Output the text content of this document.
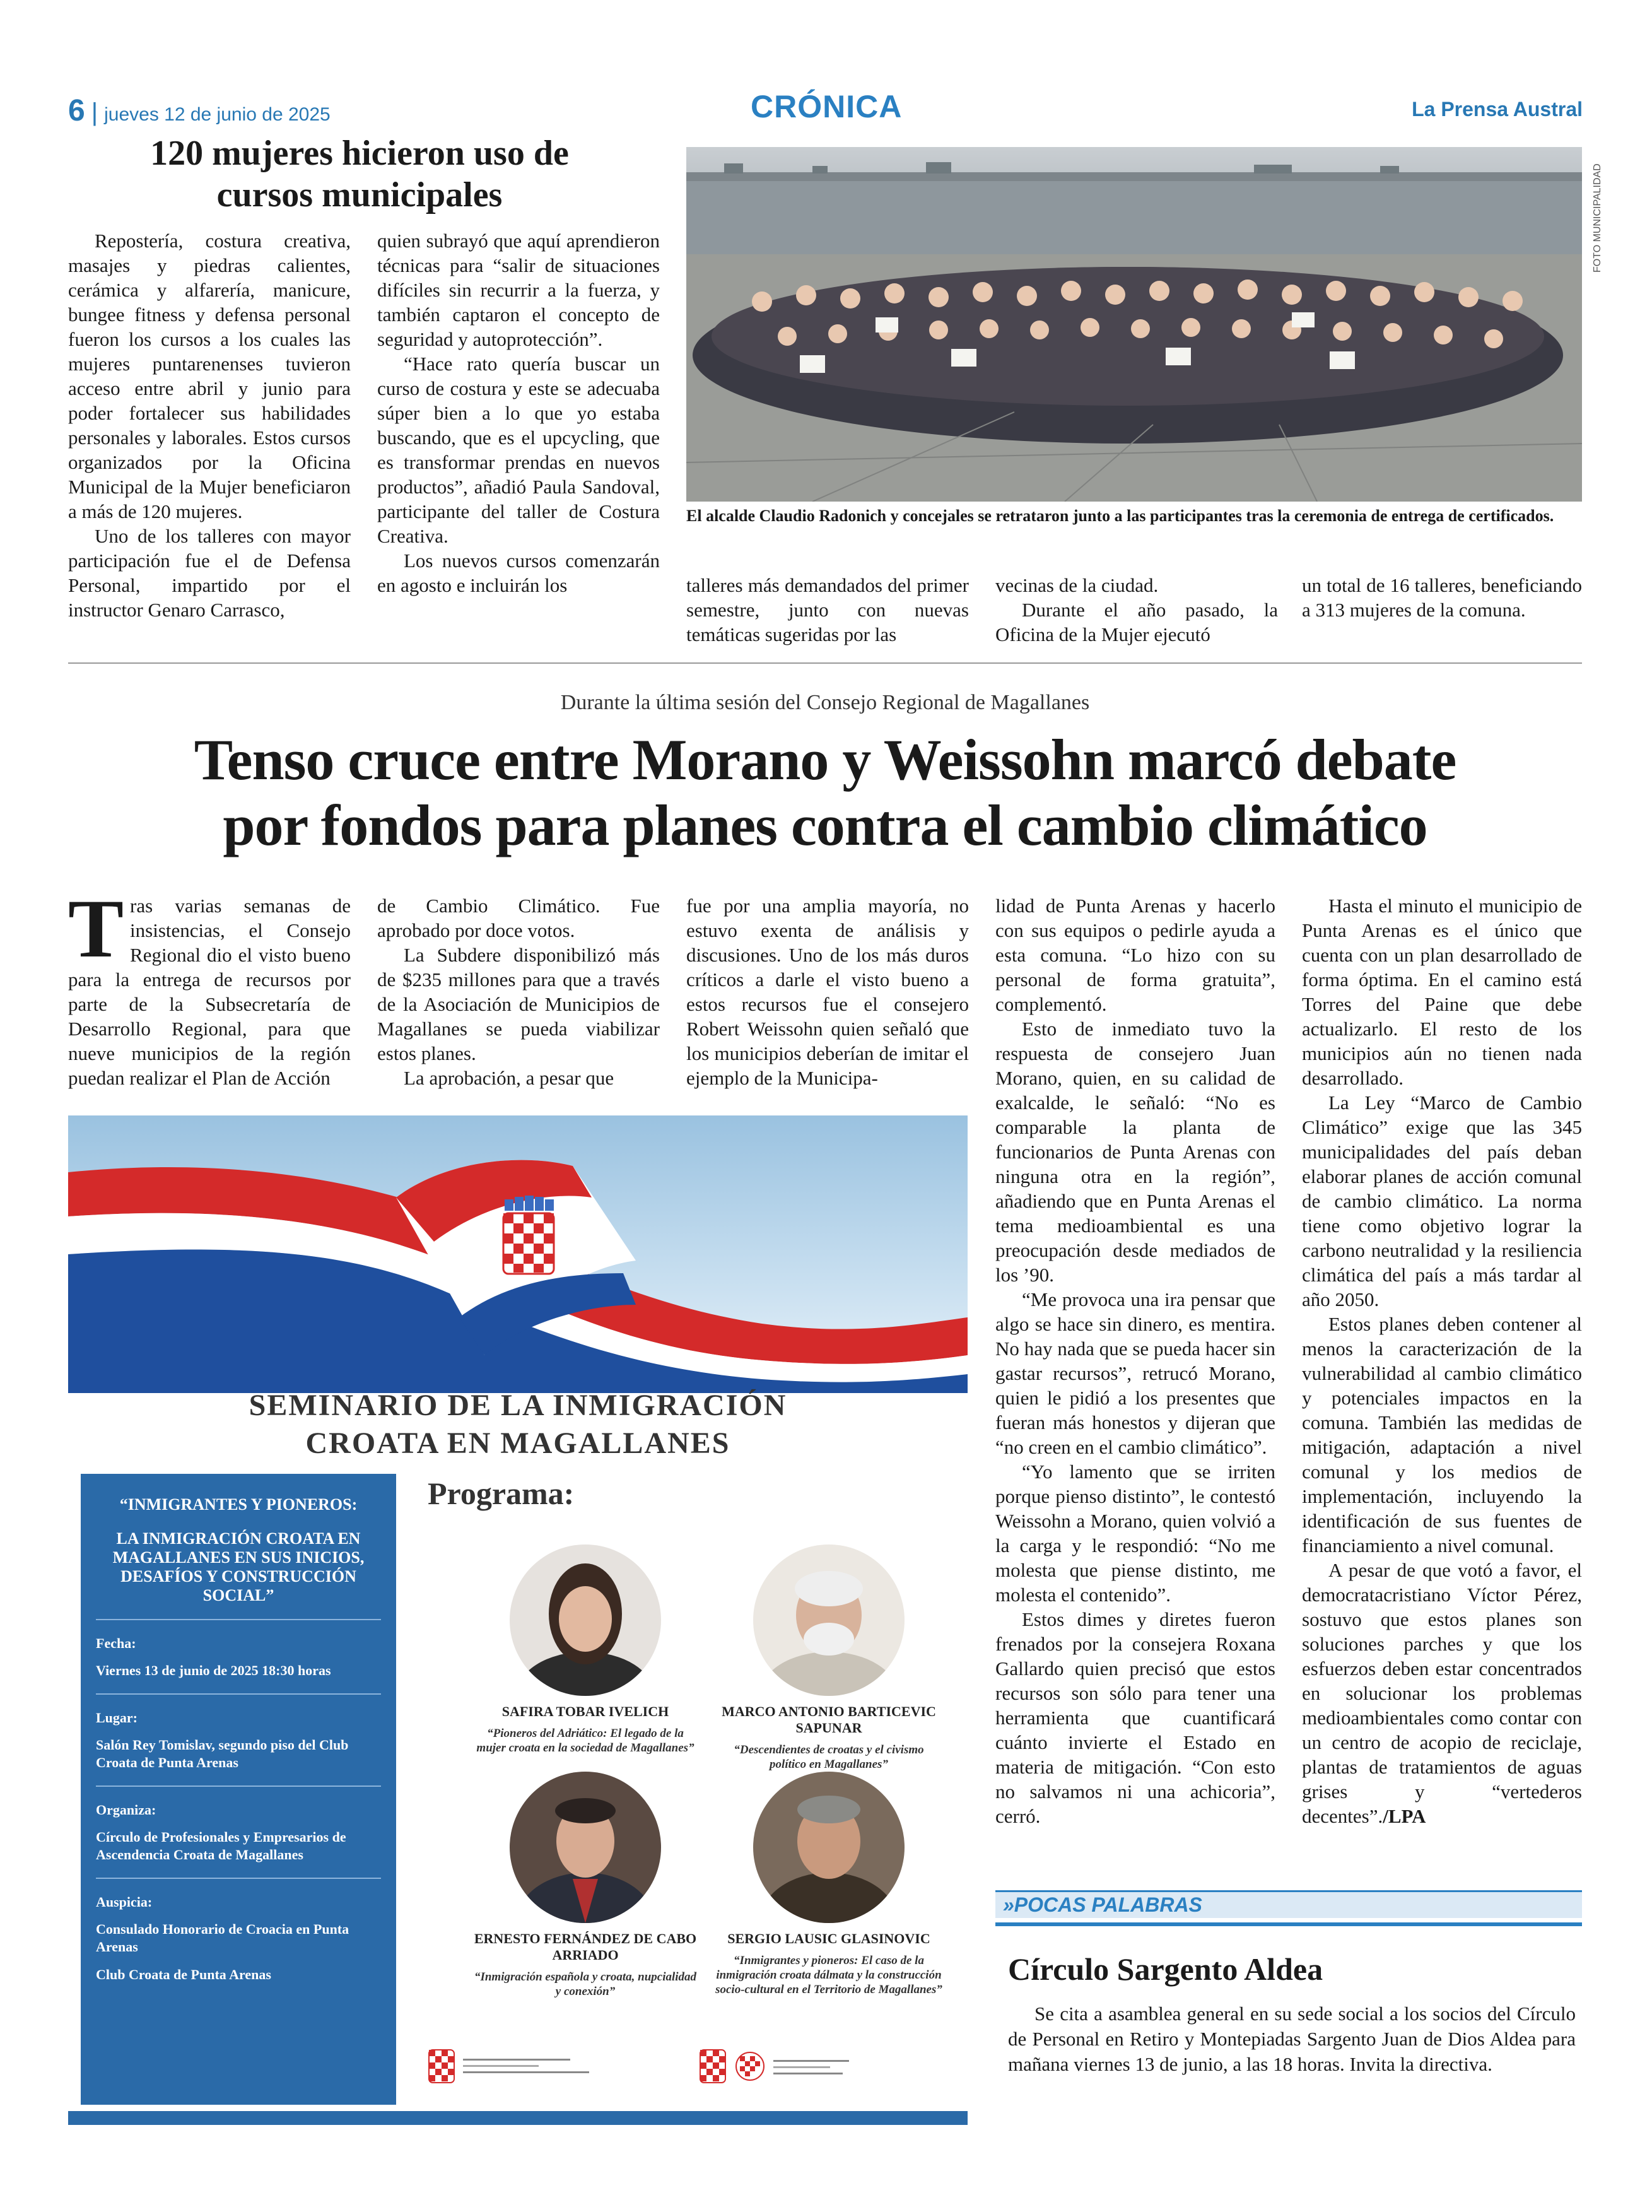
6 | jueves 12 de junio de 2025	CRÓNICA	La Prensa Austral
120 mujeres hicieron uso de cursos municipales

Repostería, costura creativa, masajes y piedras calientes, cerámica y alfarería, manicure, bungee fitness y defensa personal fueron los cursos a los cuales las mujeres puntarenenses tuvieron acceso entre abril y junio para poder fortalecer sus habilidades personales y laborales. Estos cursos organizados por la Oficina Municipal de la Mujer beneficiaron a más de 120 mujeres.

Uno de los talleres con mayor participación fue el de Defensa Personal, impartido por el instructor Genaro Carrasco,

quien subrayó que aquí aprendieron técnicas para “salir de situaciones difíciles sin recurrir a la fuerza, y también captaron el concepto de seguridad y autoprotección”.

“Hace rato quería buscar un curso de costura y este se adecuaba súper bien a lo que yo estaba buscando, que es el upcycling, que es transformar prendas en nuevos productos”, añadió Paula Sandoval, participante del taller de Costura Creativa.

Los nuevos cursos comenzarán en agosto e incluirán los

FOTO MUNICIPALIDAD
El alcalde Claudio Radonich y concejales se retrataron junto a las participantes tras la ceremonia de entrega de certificados.

talleres más demandados del primer semestre, junto con nuevas temáticas sugeridas por las

vecinas de la ciudad.

Durante el año pasado, la Oficina de la Mujer ejecutó

un total de 16 talleres, beneficiando a 313 mujeres de la comuna.

Durante la última sesión del Consejo Regional de Magallanes
Tenso cruce entre Morano y Weissohn marcó debate
por fondos para planes contra el cambio climático
T ras varias semanas de insistencias, el Consejo Regional dio el visto bueno para la entrega de recursos por parte de la Subsecretaría de Desarrollo Regional, para que nueve municipios de la región puedan realizar el Plan de Acción

de Cambio Climático. Fue aprobado por doce votos.

La Subdere disponibilizó más de $235 millones para que a través de la Asociación de Municipios de Magallanes se pueda viabilizar estos planes.

La aprobación, a pesar que

fue por una amplia mayoría, no estuvo exenta de análisis y discusiones. Uno de los más duros críticos a darle el visto bueno a estos recursos fue el consejero Robert Weissohn quien señaló que los municipios deberían de imitar el ejemplo de la Municipa-

lidad de Punta Arenas y hacerlo con sus equipos o pedirle ayuda a esta comuna. “Lo hizo con su personal de forma gratuita”, complementó.

Esto de inmediato tuvo la respuesta de consejero Juan Morano, quien, en su calidad de exalcalde, le señaló: “No es comparable la planta de funcionarios de Punta Arenas con ninguna otra en la región”, añadiendo que en Punta Arenas el tema medioambiental es una preocupación desde mediados de los ’90.

“Me provoca una ira pensar que algo se hace sin dinero, es mentira. No hay nada que se pueda hacer sin gastar recursos”, retrucó Morano, quien le pidió a los presentes que fueran más honestos y dijeran que “no creen en el cambio climático”.

“Yo lamento que se irriten porque pienso distinto”, le contestó Weissohn a Morano, quien volvió a la carga y le respondió: “No me molesta que piense distinto, me molesta el contenido”.

Estos dimes y diretes fueron frenados por la consejera Roxana Gallardo quien precisó que estos recursos son sólo para tener una herramienta que cuantificará cuánto invierte el Estado en materia de mitigación. “Con esto no salvamos ni una achicoria”, cerró.

Hasta el minuto el municipio de Punta Arenas es el único que cuenta con un plan desarrollado de forma óptima. En el camino está Torres del Paine que debe actualizarlo. El resto de los municipios aún no tienen nada desarrollado.

La Ley “Marco de Cambio Climático” exige que las 345 municipalidades del país deban elaborar planes de acción comunal de cambio climático. La norma tiene como objetivo lograr la carbono neutralidad y la resiliencia climática del país a más tardar al año 2050.

Estos planes deben contener al menos la caracterización de la vulnerabilidad al cambio climático y potenciales impactos en la comuna. También las medidas de mitigación, adaptación a nivel comunal y los medios de implementación, incluyendo la identificación de sus fuentes de financiamiento a nivel comunal.

A pesar de que votó a favor, el democratacristiano Víctor Pérez, sostuvo que estos planes son soluciones parches y que los esfuerzos deben estar concentrados en solucionar los problemas medioambientales como contar con un centro de acopio de reciclaje, plantas de tratamientos de aguas grises y “vertederos decentes”./LPA

SEMINARIO DE LA INMIGRACIÓN
CROATA EN MAGALLANES
“INMIGRANTES Y PIONEROS:
LA INMIGRACIÓN CROATA EN MAGALLANES EN SUS INICIOS, DESAFÍOS Y CONSTRUCCIÓN SOCIAL”
Fecha:
Viernes 13 de junio de 2025 18:30 horas
Lugar:
Salón Rey Tomislav, segundo piso del Club Croata de Punta Arenas
Organiza:
Círculo de Profesionales y Empresarios de Ascendencia Croata de Magallanes
Auspicia:
Consulado Honorario de Croacia en Punta Arenas
Club Croata de Punta Arenas
Programa:
SAFIRA TOBAR IVELICH
“Pioneros del Adriático: El legado de la mujer croata en la sociedad de Magallanes”
MARCO ANTONIO BARTICEVIC SAPUNAR
“Descendientes de croatas y el civismo político en Magallanes”
ERNESTO FERNÁNDEZ DE CABO ARRIADO
“Inmigración española y croata, nupcialidad y conexión”
SERGIO LAUSIC GLASINOVIC
“Inmigrantes y pioneros: El caso de la inmigración croata dálmata y la construcción socio-cultural en el Territorio de Magallanes”
»POCAS PALABRAS
Círculo Sargento Aldea

Se cita a asamblea general en su sede social a los socios del Círculo de Personal en Retiro y Montepiadas Sargento Juan de Dios Aldea para mañana viernes 13 de junio, a las 18 horas. Invita la directiva.
